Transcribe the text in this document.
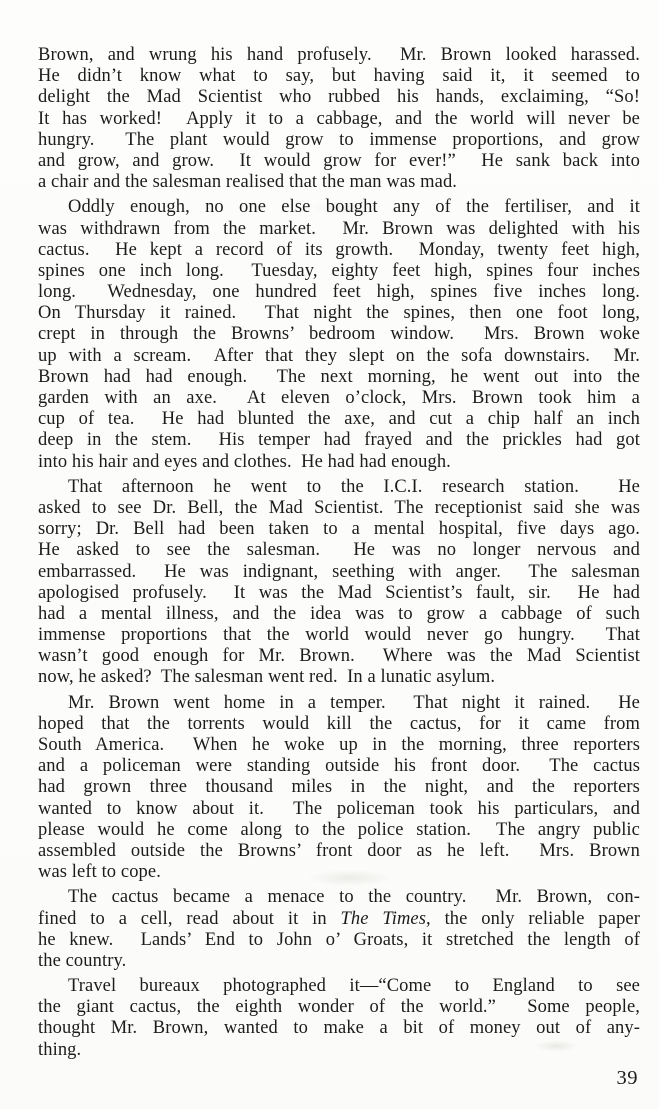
Brown, and wrung his hand profusely.  Mr. Brown looked harassed.
He didn’t know what to say, but having said it, it seemed to
delight the Mad Scientist who rubbed his hands, exclaiming, “So!
It has worked!  Apply it to a cabbage, and the world will never be
hungry.  The plant would grow to immense proportions, and grow
and grow, and grow.  It would grow for ever!”  He sank back into
a chair and the salesman realised that the man was mad.

Oddly enough, no one else bought any of the fertiliser, and it
was withdrawn from the market.  Mr. Brown was delighted with his
cactus.  He kept a record of its growth.  Monday, twenty feet high,
spines one inch long.  Tuesday, eighty feet high, spines four inches
long.  Wednesday, one hundred feet high, spines five inches long.
On Thursday it rained.  That night the spines, then one foot long,
crept in through the Browns’ bedroom window.  Mrs. Brown woke
up with a scream.  After that they slept on the sofa downstairs.  Mr.
Brown had had enough.  The next morning, he went out into the
garden with an axe.  At eleven o’clock, Mrs. Brown took him a
cup of tea.  He had blunted the axe, and cut a chip half an inch
deep in the stem.  His temper had frayed and the prickles had got
into his hair and eyes and clothes.  He had had enough.

That afternoon he went to the I.C.I. research station.  He
asked to see Dr. Bell, the Mad Scientist. The receptionist said she was
sorry; Dr. Bell had been taken to a mental hospital, five days ago.
He asked to see the salesman.  He was no longer nervous and
embarrassed.  He was indignant, seething with anger.  The salesman
apologised profusely.  It was the Mad Scientist’s fault, sir.  He had
had a mental illness, and the idea was to grow a cabbage of such
immense proportions that the world would never go hungry.  That
wasn’t good enough for Mr. Brown.  Where was the Mad Scientist
now, he asked?  The salesman went red.  In a lunatic asylum.

Mr. Brown went home in a temper.  That night it rained.  He
hoped that the torrents would kill the cactus, for it came from
South America.  When he woke up in the morning, three reporters
and a policeman were standing outside his front door.  The cactus
had grown three thousand miles in the night, and the reporters
wanted to know about it.  The policeman took his particulars, and
please would he come along to the police station.  The angry public
assembled outside the Browns’ front door as he left.  Mrs. Brown
was left to cope.

The cactus became a menace to the country.  Mr. Brown, con-
fined to a cell, read about it in The Times, the only reliable paper
he knew.  Lands’ End to John o’ Groats, it stretched the length of
the country.

Travel bureaux photographed it—“Come to England to see
the giant cactus, the eighth wonder of the world.”  Some people,
thought Mr. Brown, wanted to make a bit of money out of any-
thing.

39
